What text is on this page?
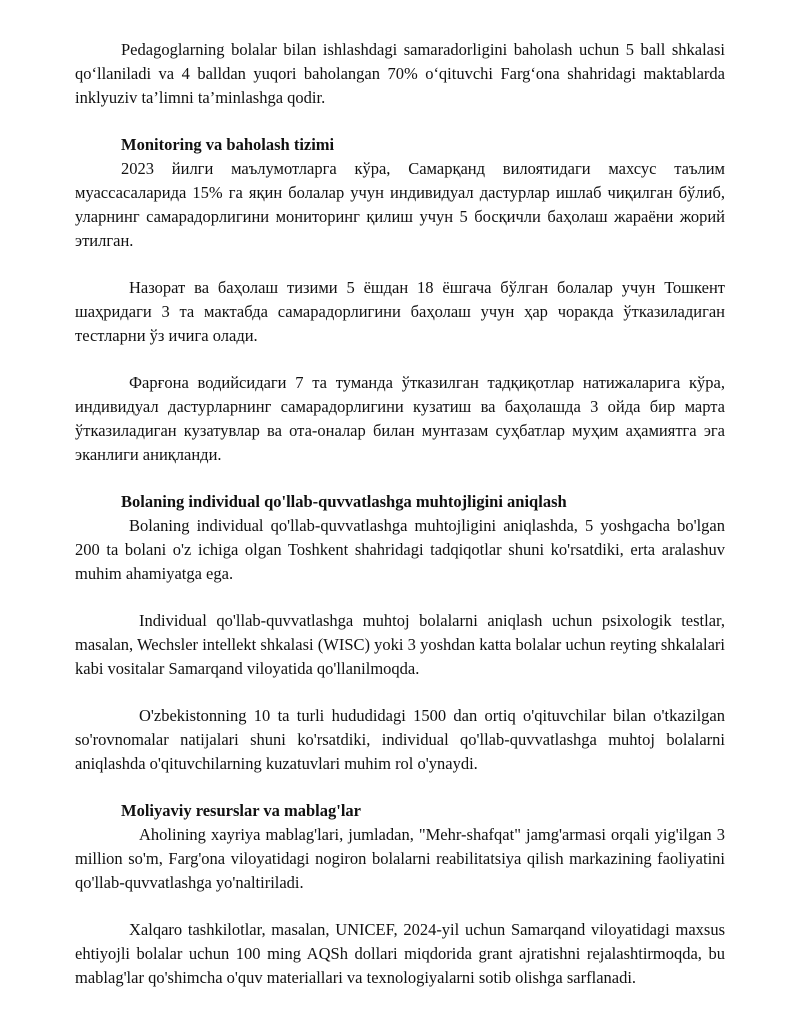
Pedagoglarning bolalar bilan ishlashdagi samaradorligini baholash uchun 5 ball shkalasi qo‘llaniladi va 4 balldan yuqori baholangan 70% o‘qituvchi Farg‘ona shahridagi maktablarda inklyuziv ta’limni ta’minlashga qodir.

Monitoring va baholash tizimi

2023 йилги маълумотларга кўра, Самарқанд вилоятидаги махсус таълим муассасаларида 15% га яқин болалар учун индивидуал дастурлар ишлаб чиқилган бўлиб, уларнинг самарадорлигини мониторинг қилиш учун 5 босқичли баҳолаш жараёни жорий этилган.

Назорат ва баҳолаш тизими 5 ёшдан 18 ёшгача бўлган болалар учун Тошкент шаҳридаги 3 та мактабда самарадорлигини баҳолаш учун ҳар чоракда ўтказиладиган тестларни ўз ичига олади.

Фарғона водийсидаги 7 та туманда ўтказилган тадқиқотлар натижаларига кўра, индивидуал дастурларнинг самарадорлигини кузатиш ва баҳолашда 3 ойда бир марта ўтказиладиган кузатувлар ва ота-оналар билан мунтазам суҳбатлар муҳим аҳамиятга эга эканлиги аниқланди.

Bolaning individual qo'llab-quvvatlashga muhtojligini aniqlash

Bolaning individual qo'llab-quvvatlashga muhtojligini aniqlashda, 5 yoshgacha bo'lgan 200 ta bolani o'z ichiga olgan Toshkent shahridagi tadqiqotlar shuni ko'rsatdiki, erta aralashuv muhim ahamiyatga ega.

Individual qo'llab-quvvatlashga muhtoj bolalarni aniqlash uchun psixologik testlar, masalan, Wechsler intellekt shkalasi (WISC) yoki 3 yoshdan katta bolalar uchun reyting shkalalari kabi vositalar Samarqand viloyatida qo'llanilmoqda.

O'zbekistonning 10 ta turli hududidagi 1500 dan ortiq o'qituvchilar bilan o'tkazilgan so'rovnomalar natijalari shuni ko'rsatdiki, individual qo'llab-quvvatlashga muhtoj bolalarni aniqlashda o'qituvchilarning kuzatuvlari muhim rol o'ynaydi.

Moliyaviy resurslar va mablag'lar

Aholining xayriya mablag'lari, jumladan, "Mehr-shafqat" jamg'armasi orqali yig'ilgan 3 million so'm, Farg'ona viloyatidagi nogiron bolalarni reabilitatsiya qilish markazining faoliyatini qo'llab-quvvatlashga yo'naltiriladi.

Xalqaro tashkilotlar, masalan, UNICEF, 2024-yil uchun Samarqand viloyatidagi maxsus ehtiyojli bolalar uchun 100 ming AQSh dollari miqdorida grant ajratishni rejalashtirmoqda, bu mablag'lar qo'shimcha o'quv materiallari va texnologiyalarni sotib olishga sarflanadi.
